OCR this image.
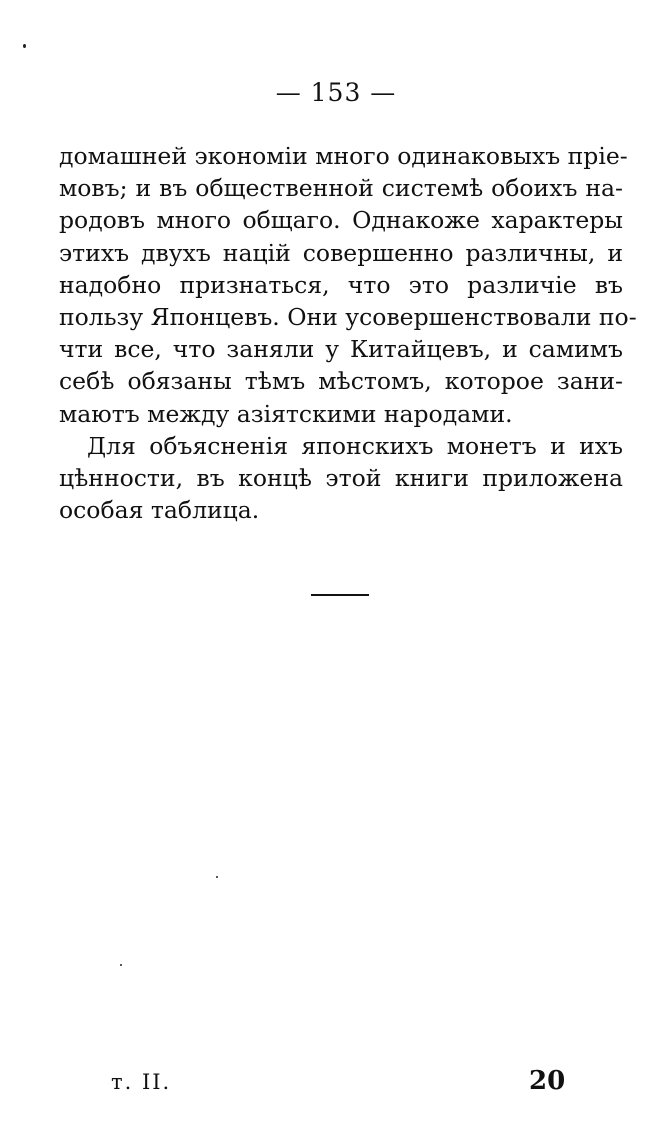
— 153 —
домашней экономіи много одинаковыхъ прiе-
мовъ; и въ общественной системѣ обоихъ на-
родовъ много общаго. Однакоже характеры
этихъ двухъ націй совершенно различны, и
надобно признаться, что это различіе въ
пользу Японцевъ. Они усовершенствовали по-
чти все, что заняли у Китайцевъ, и самимъ
себѣ обязаны тѣмъ мѣстомъ, которое зани-
маютъ между азіятскими народами.
Для объясненія японскихъ монетъ и ихъ
цѣнности, въ концѣ этой книги приложена
особая таблица.
т. II.	20
